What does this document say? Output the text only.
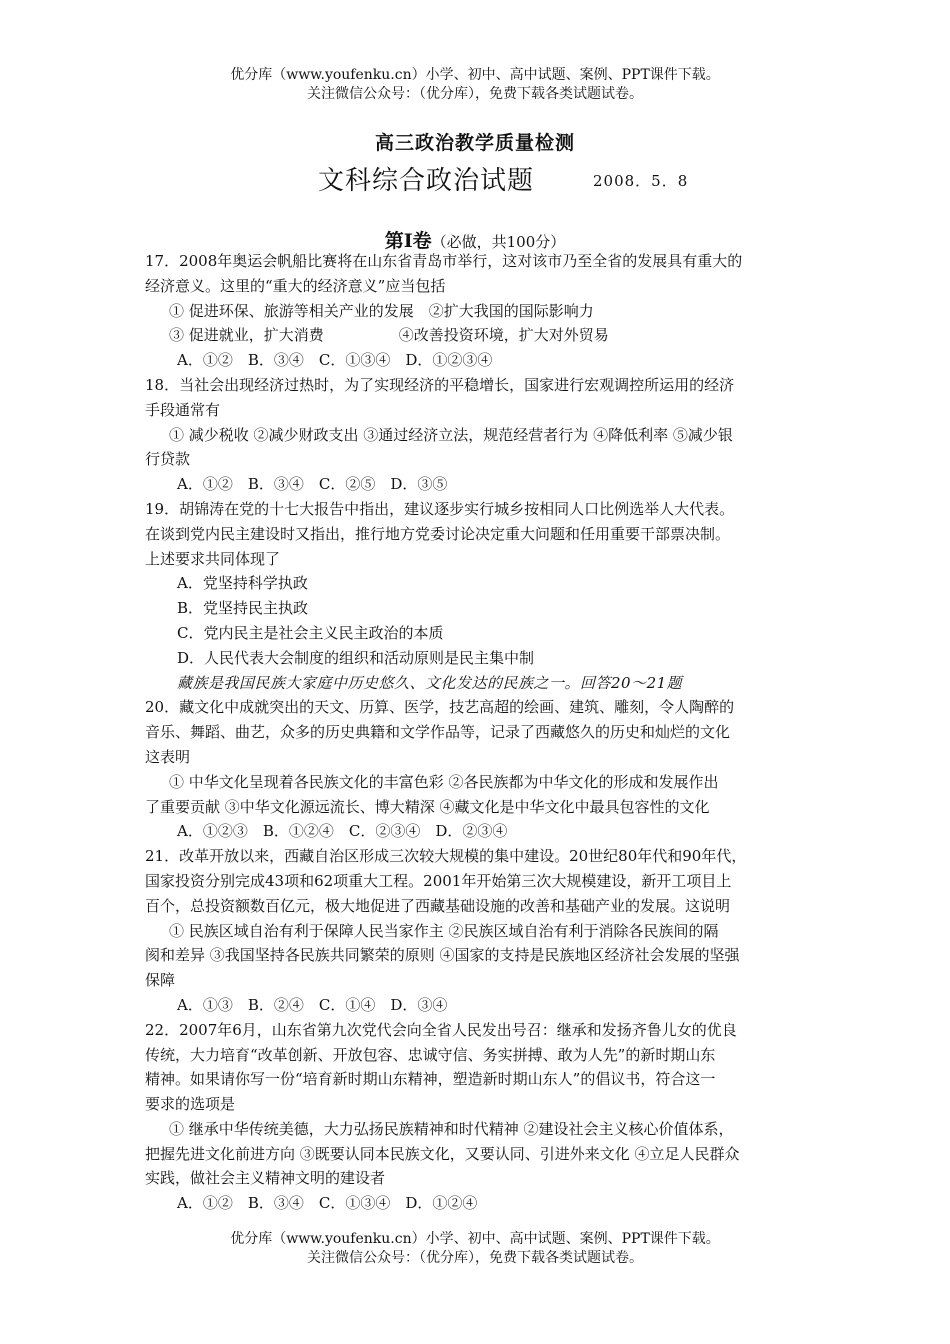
优分库（www.youfenku.cn）小学、初中、高中试题、案例、PPT课件下载。
关注微信公众号：（优分库），免费下载各类试题试卷。
高三政治教学质量检测
文科综合政治试题	2008．5．8
第Ⅰ卷（必做，共100分）
17．2008年奥运会帆船比赛将在山东省青岛市举行，这对该市乃至全省的发展具有重大的
经济意义。这里的“重大的经济意义”应当包括
① 促进环保、旅游等相关产业的发展　②扩大我国的国际影响力
③ 促进就业，扩大消费　　　　　④改善投资环境，扩大对外贸易
A．①②　B．③④　C．①③④　D．①②③④
18．当社会出现经济过热时，为了实现经济的平稳增长，国家进行宏观调控所运用的经济
手段通常有
① 减少税收 ②减少财政支出 ③通过经济立法，规范经营者行为 ④降低利率 ⑤减少银
行贷款
A．①②　B．③④　C．②⑤　D．③⑤
19．胡锦涛在党的十七大报告中指出，建议逐步实行城乡按相同人口比例选举人大代表。
在谈到党内民主建设时又指出，推行地方党委讨论决定重大问题和任用重要干部票决制。
上述要求共同体现了
A．党坚持科学执政
B．党坚持民主执政
C．党内民主是社会主义民主政治的本质
D．人民代表大会制度的组织和活动原则是民主集中制
藏族是我国民族大家庭中历史悠久、文化发达的民族之一。回答20～21题
20．藏文化中成就突出的天文、历算、医学，技艺高超的绘画、建筑、雕刻，令人陶醉的
音乐、舞蹈、曲艺，众多的历史典籍和文学作品等，记录了西藏悠久的历史和灿烂的文化
这表明
① 中华文化呈现着各民族文化的丰富色彩 ②各民族都为中华文化的形成和发展作出
了重要贡献 ③中华文化源远流长、博大精深 ④藏文化是中华文化中最具包容性的文化
A．①②③　B．①②④　C．②③④　D．②③④
21．改革开放以来，西藏自治区形成三次较大规模的集中建设。20世纪80年代和90年代，
国家投资分别完成43项和62项重大工程。2001年开始第三次大规模建设，新开工项目上
百个，总投资额数百亿元，极大地促进了西藏基础设施的改善和基础产业的发展。这说明
① 民族区域自治有利于保障人民当家作主 ②民族区域自治有利于消除各民族间的隔
阂和差异 ③我国坚持各民族共同繁荣的原则 ④国家的支持是民族地区经济社会发展的坚强
保障
A．①③　B．②④　C．①④　D．③④
22．2007年6月，山东省第九次党代会向全省人民发出号召：继承和发扬齐鲁儿女的优良
传统，大力培育“改革创新、开放包容、忠诚守信、务实拼搏、敢为人先”的新时期山东
精神。如果请你写一份“培育新时期山东精神，塑造新时期山东人”的倡议书，符合这一
要求的选项是
① 继承中华传统美德，大力弘扬民族精神和时代精神 ②建设社会主义核心价值体系，
把握先进文化前进方向 ③既要认同本民族文化，又要认同、引进外来文化 ④立足人民群众
实践，做社会主义精神文明的建设者
A．①②　B．③④　C．①③④　D．①②④
优分库（www.youfenku.cn）小学、初中、高中试题、案例、PPT课件下载。
关注微信公众号：（优分库），免费下载各类试题试卷。
